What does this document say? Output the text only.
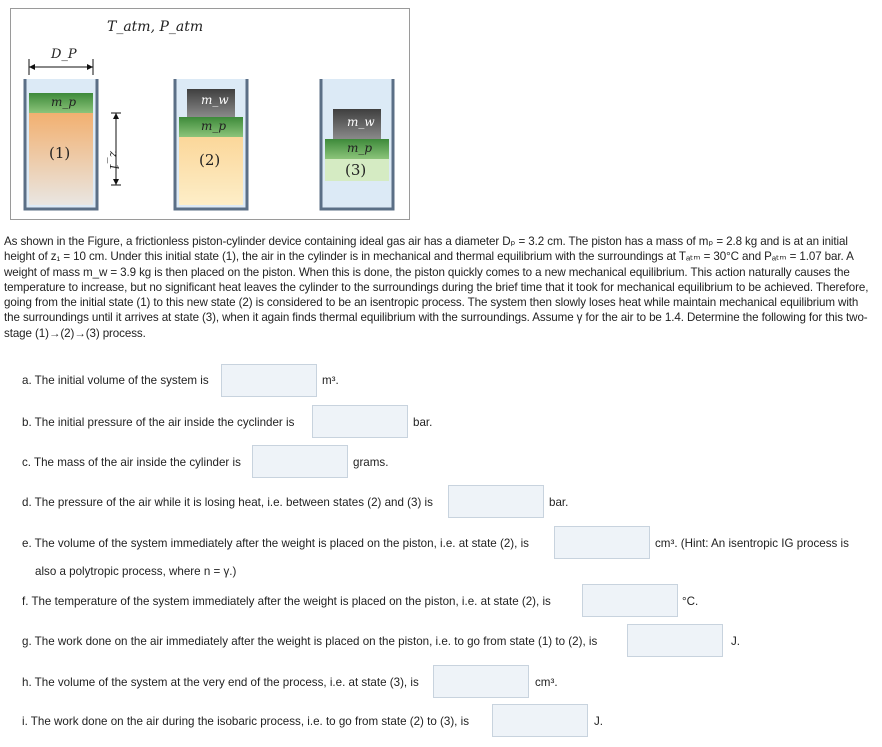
T_atm, P_atm
D_P
z_1
m_p
(1)
m_w
m_p
(2)
m_w
m_p
(3)
As shown in the Figure, a frictionless piston-cylinder device containing ideal gas air has a diameter Dₚ = 3.2 cm. The piston has a mass of mₚ = 2.8 kg and is at an initial height of z₁ = 10 cm. Under this initial state (1), the air in the cylinder is in mechanical and thermal equilibrium with the surroundings at Tₐₜₘ = 30°C and Pₐₜₘ = 1.07 bar. A weight of mass m_w = 3.9 kg is then placed on the piston. When this is done, the piston quickly comes to a new mechanical equilibrium. This action naturally causes the temperature to increase, but no significant heat leaves the cylinder to the surroundings during the brief time that it took for mechanical equilibrium to be achieved. Therefore, going from the initial state (1) to this new state (2) is considered to be an isentropic process. The system then slowly loses heat while maintain mechanical equilibrium with the surroundings until it arrives at state (3), when it again finds thermal equilibrium with the surroundings. Assume γ for the air to be 1.4. Determine the following for this two-stage (1)→(2)→(3) process.
a. The initial volume of the system is	m³.
b. The initial pressure of the air inside the cyclinder is	bar.
c. The mass of the air inside the cylinder is	grams.
d. The pressure of the air while it is losing heat, i.e. between states (2) and (3) is	bar.
e. The volume of the system immediately after the weight is placed on the piston, i.e. at state (2), is	cm³. (Hint: An isentropic IG process is
also a polytropic process, where n = γ.)
f. The temperature of the system immediately after the weight is placed on the piston, i.e. at state (2), is	°C.
g. The work done on the air immediately after the weight is placed on the piston, i.e. to go from state (1) to (2), is	J.
h. The volume of the system at the very end of the process, i.e. at state (3), is	cm³.
i. The work done on the air during the isobaric process, i.e. to go from state (2) to (3), is	J.
